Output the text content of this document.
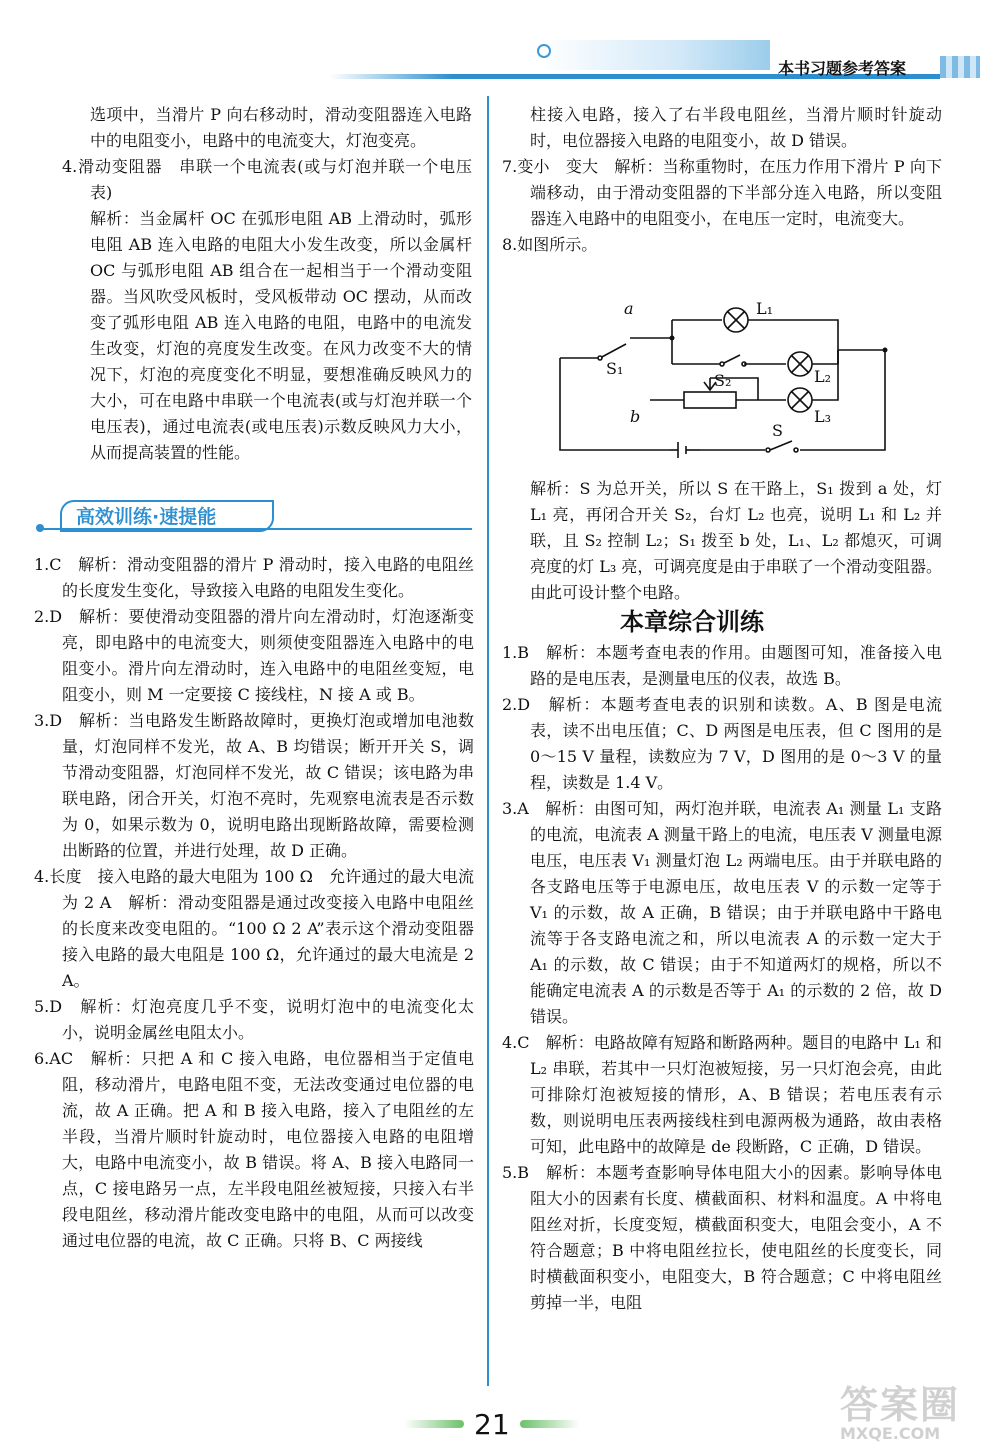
本书习题参考答案

选项中，当滑片 P 向右移动时，滑动变阻器连入电路中的电阻变小，电路中的电流变大，灯泡变亮。

4.滑动变阻器　串联一个电流表(或与灯泡并联一个电压表)

解析：当金属杆 OC 在弧形电阻 AB 上滑动时，弧形电阻 AB 连入电路的电阻大小发生改变，所以金属杆 OC 与弧形电阻 AB 组合在一起相当于一个滑动变阻器。当风吹受风板时，受风板带动 OC 摆动，从而改变了弧形电阻 AB 连入电路的电阻，电路中的电流发生改变，灯泡的亮度发生改变。在风力改变不大的情况下，灯泡的亮度变化不明显，要想准确反映风力的大小，可在电路中串联一个电流表(或与灯泡并联一个电压表)，通过电流表(或电压表)示数反映风力大小，从而提高装置的性能。

高效训练·速提能

1.C　解析：滑动变阻器的滑片 P 滑动时，接入电路的电阻丝的长度发生变化，导致接入电路的电阻发生变化。

2.D　解析：要使滑动变阻器的滑片向左滑动时，灯泡逐渐变亮，即电路中的电流变大，则须使变阻器连入电路中的电阻变小。滑片向左滑动时，连入电路中的电阻丝变短，电阻变小，则 M 一定要接 C 接线柱，N 接 A 或 B。

3.D　解析：当电路发生断路故障时，更换灯泡或增加电池数量，灯泡同样不发光，故 A、B 均错误；断开开关 S，调节滑动变阻器，灯泡同样不发光，故 C 错误；该电路为串联电路，闭合开关，灯泡不亮时，先观察电流表是否示数为 0，如果示数为 0，说明电路出现断路故障，需要检测出断路的位置，并进行处理，故 D 正确。

4.长度　接入电路的最大电阻为 100 Ω　允许通过的最大电流为 2 A　解析：滑动变阻器是通过改变接入电路中电阻丝的长度来改变电阻的。“100 Ω 2 A”表示这个滑动变阻器接入电路的最大电阻是 100 Ω，允许通过的最大电流是 2 A。

5.D　解析：灯泡亮度几乎不变，说明灯泡中的电流变化太小，说明金属丝电阻太小。

6.AC　解析：只把 A 和 C 接入电路，电位器相当于定值电阻，移动滑片，电路电阻不变，无法改变通过电位器的电流，故 A 正确。把 A 和 B 接入电路，接入了电阻丝的左半段，当滑片顺时针旋动时，电位器接入电路的电阻增大，电路中电流变小，故 B 错误。将 A、B 接入电路同一点，C 接电路另一点，左半段电阻丝被短接，只接入右半段电阻丝，移动滑片能改变电路中的电阻，从而可以改变通过电位器的电流，故 C 正确。只将 B、C 两接线

柱接入电路，接入了右半段电阻丝，当滑片顺时针旋动时，电位器接入电路的电阻变小，故 D 错误。

7.变小　变大　解析：当称重物时，在压力作用下滑片 P 向下端移动，由于滑动变阻器的下半部分连入电路，所以变阻器连入电路中的电阻变小，在电压一定时，电流变大。

8.如图所示。

a
b
S₁
S₂
S
L₁
L₂
L₃

解析：S 为总开关，所以 S 在干路上，S₁ 拨到 a 处，灯 L₁ 亮，再闭合开关 S₂，台灯 L₂ 也亮，说明 L₁ 和 L₂ 并联，且 S₂ 控制 L₂；S₁ 拨至 b 处，L₁、L₂ 都熄灭，可调亮度的灯 L₃ 亮，可调亮度是由于串联了一个滑动变阻器。由此可设计整个电路。

本章综合训练

1.B　解析：本题考查电表的作用。由题图可知，准备接入电路的是电压表，是测量电压的仪表，故选 B。

2.D　解析：本题考查电表的识别和读数。A、B 图是电流表，读不出电压值；C、D 两图是电压表，但 C 图用的是 0～15 V 量程，读数应为 7 V，D 图用的是 0～3 V 的量程，读数是 1.4 V。

3.A　解析：由图可知，两灯泡并联，电流表 A₁ 测量 L₁ 支路的电流，电流表 A 测量干路上的电流，电压表 V 测量电源电压，电压表 V₁ 测量灯泡 L₂ 两端电压。由于并联电路的各支路电压等于电源电压，故电压表 V 的示数一定等于 V₁ 的示数，故 A 正确，B 错误；由于并联电路中干路电流等于各支路电流之和，所以电流表 A 的示数一定大于 A₁ 的示数，故 C 错误；由于不知道两灯的规格，所以不能确定电流表 A 的示数是否等于 A₁ 的示数的 2 倍，故 D 错误。

4.C　解析：电路故障有短路和断路两种。题目的电路中 L₁ 和 L₂ 串联，若其中一只灯泡被短接，另一只灯泡会亮，由此可排除灯泡被短接的情形，A、B 错误；若电压表有示数，则说明电压表两接线柱到电源两极为通路，故由表格可知，此电路中的故障是 de 段断路，C 正确，D 错误。

5.B　解析：本题考查影响导体电阻大小的因素。影响导体电阻大小的因素有长度、横截面积、材料和温度。A 中将电阻丝对折，长度变短，横截面积变大，电阻会变小，A 不符合题意；B 中将电阻丝拉长，使电阻丝的长度变长，同时横截面积变小，电阻变大，B 符合题意；C 中将电阻丝剪掉一半，电阻

21	答案圈
MXQE.COM
